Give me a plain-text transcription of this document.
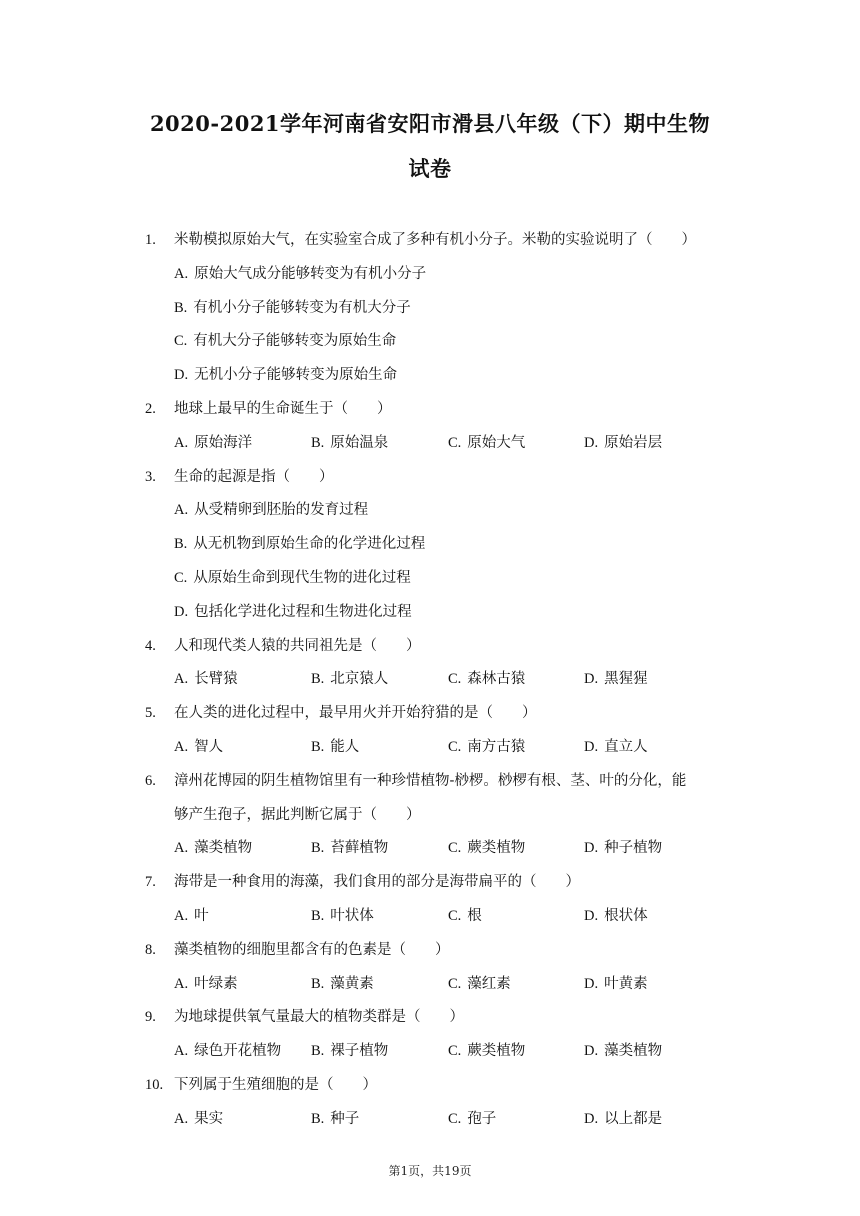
2020-2021学年河南省安阳市滑县八年级（下）期中生物
试卷
1. 米勒模拟原始大气，在实验室合成了多种有机小分子。米勒的实验说明了（　　）
A. 原始大气成分能够转变为有机小分子
B. 有机小分子能够转变为有机大分子
C. 有机大分子能够转变为原始生命
D. 无机小分子能够转变为原始生命
2. 地球上最早的生命诞生于（　　）
A. 原始海洋	B. 原始温泉	C. 原始大气	D. 原始岩层
3. 生命的起源是指（　　）
A. 从受精卵到胚胎的发育过程
B. 从无机物到原始生命的化学进化过程
C. 从原始生命到现代生物的进化过程
D. 包括化学进化过程和生物进化过程
4. 人和现代类人猿的共同祖先是（　　）
A. 长臂猿	B. 北京猿人	C. 森林古猿	D. 黑猩猩
5. 在人类的进化过程中，最早用火并开始狩猎的是（　　）
A. 智人	B. 能人	C. 南方古猿	D. 直立人
6. 漳州花博园的阴生植物馆里有一种珍惜植物-桫椤。桫椤有根、茎、叶的分化，能
够产生孢子，据此判断它属于（　　）
A. 藻类植物	B. 苔藓植物	C. 蕨类植物	D. 种子植物
7. 海带是一种食用的海藻，我们食用的部分是海带扁平的（　　）
A. 叶	B. 叶状体	C. 根	D. 根状体
8. 藻类植物的细胞里都含有的色素是（　　）
A. 叶绿素	B. 藻黄素	C. 藻红素	D. 叶黄素
9. 为地球提供氧气量最大的植物类群是（　　）
A. 绿色开花植物 B. 裸子植物	C. 蕨类植物	D. 藻类植物
10. 下列属于生殖细胞的是（　　）
A. 果实	B. 种子	C. 孢子	D. 以上都是
第1页，共19页
